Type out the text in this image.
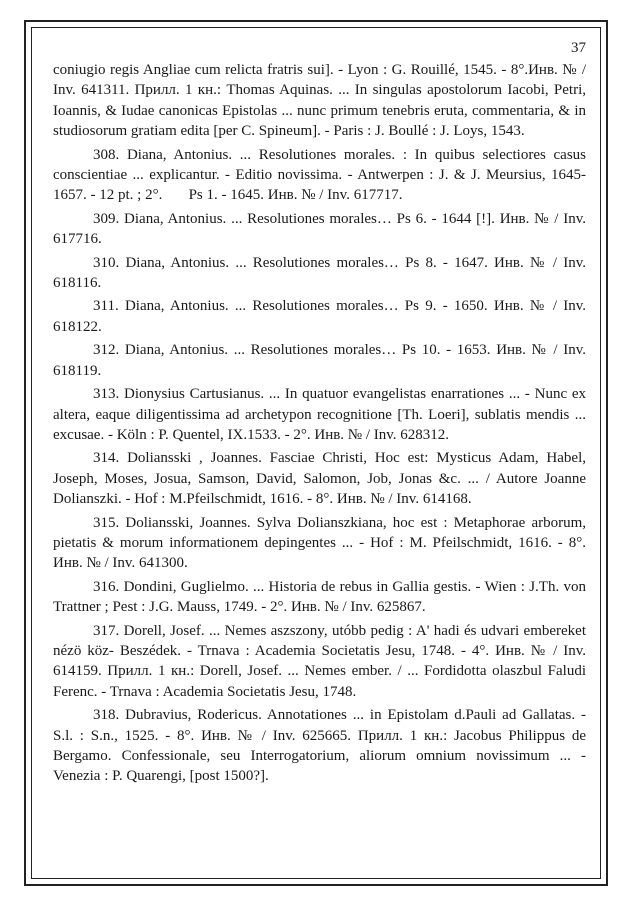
37

coniugio regis Angliae cum relicta fratris sui]. - Lyon : G. Rouillé, 1545. - 8°.Инв. № / Inv. 641311. Прилл. 1 кн.: Thomas Aquinas. ... In singulas apostolorum Iacobi, Petri, Ioannis, & Iudae canonicas Epistolas ... nunc primum tenebris eruta, commentaria, & in studiosorum gratiam edita [per C. Spineum]. - Paris : J. Boullé : J. Loys, 1543.

308. Diana, Antonius. ... Resolutiones morales. : In quibus selectiores casus conscientiae ... explicantur. - Editio novissima. - Antwerpen : J. & J. Meursius, 1645-1657. - 12 pt. ; 2°.       Ps 1. - 1645. Инв. № / Inv. 617717.

309. Diana, Antonius. ... Resolutiones morales… Ps 6. - 1644 [!]. Инв. № / Inv. 617716.

310. Diana, Antonius. ... Resolutiones morales… Ps 8. - 1647. Инв. № / Inv. 618116.

311. Diana, Antonius. ... Resolutiones morales… Ps 9. - 1650. Инв. № / Inv. 618122.

312. Diana, Antonius. ... Resolutiones morales… Ps 10. - 1653. Инв. № / Inv. 618119.

313. Dionysius Cartusianus. ... In quatuor evangelistas enarrationes ... - Nunc ex altera, eaque diligentissima ad archetypon recognitione [Th. Loeri], sublatis mendis ... excusae. - Köln : P. Quentel, IX.1533. - 2°. Инв. № / Inv. 628312.

314. Doliansski , Joannes. Fasciae Christi, Hoc est: Mysticus Adam, Habel, Joseph, Moses, Josua, Samson, David, Salomon, Job, Jonas &c. ... / Autore Joanne Dolianszki. - Hof : M.Pfeilschmidt, 1616. - 8°. Инв. № / Inv. 614168.

315. Doliansski, Joannes. Sylva Dolianszkiana, hoc est : Metaphorae arborum, pietatis & morum informationem depingentes ... - Hof : M. Pfeilschmidt, 1616. - 8°. Инв. № / Inv. 641300.

316. Dondini, Guglielmo. ... Historia de rebus in Gallia gestis. - Wien : J.Th. von Trattner ; Pest : J.G. Mauss, 1749. - 2°. Инв. № / Inv. 625867.

317. Dorell, Josef. ... Nemes aszszony, utóbb pedig : A' hadi és udvari embereket nézö köz- Beszédek. - Trnava : Academia Societatis Jesu, 1748. - 4°. Инв. № / Inv. 614159. Прилл. 1 кн.: Dorell, Josef. ... Nemes ember. / ... Fordidotta olaszbul Faludi Ferenc. - Trnava : Academia Societatis Jesu, 1748.

318. Dubravius, Rodericus. Annotationes ... in Epistolam d.Pauli ad Gallatas. - S.l. : S.n., 1525. - 8°. Инв. № / Inv. 625665. Прилл. 1 кн.: Jacobus Philippus de Bergamo. Confessionale, seu Interrogatorium, aliorum omnium novissimum ... - Venezia : P. Quarengi, [post 1500?].
